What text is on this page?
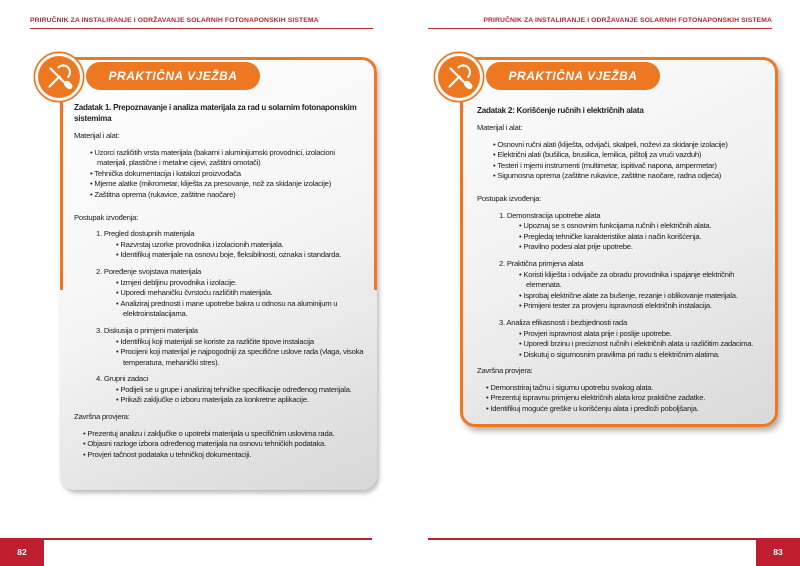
PRIRUČNIK ZA INSTALIRANJE I ODRŽAVANJE SOLARNIH FOTONAPONSKIH SISTEMA	PRIRUČNIK ZA INSTALIRANJE I ODRŽAVANJE SOLARNIH FOTONAPONSKIH SISTEMA
Zadatak 1. Prepoznavanje i analiza materijala za rad u solarnim fotonaponskim sistemima
Materijal i alat:
• Uzorci različitih vrsta materijala (bakarni i aluminijumski provodnici, izolacioni materijali, plastične i metalne cijevi, zaštitni omotači)
• Tehnička dokumentacija i katalozi proizvođača
• Mjerne alatke (mikrometar, kliješta za presovanje, nož za skidanje izolacije)
• Zaštitna oprema (rukavice, zaštitne naočare)
Postupak izvođenja:
1. Pregled dostupnih materijala
• Razvrstaj uzorke provodnika i izolacionih materijala.
• Identifikuj materijale na osnovu boje, fleksibilnosti, oznaka i standarda.
2. Poređenje svojstava materijala
• Izmjeri debljinu provodnika i izolacije.
• Uporedi mehaničku čvrstoću različitih materijala.
• Analiziraj prednosti i mane upotrebe bakra u odnosu na aluminijum u elektroinstalacijama.
3. Diskusija o primjeni materijala
• Identifikuj koji materijali se koriste za različite tipove instalacija
• Procijeni koji materijal je najpogodniji za specifične uslove rada (vlaga, visoka temperatura, mehanički stres).
4. Grupni zadaci
• Podijeli se u grupe i analiziraj tehničke specifikacije određenog materijala.
• Prikaži zaključke o izboru materijala za konkretne aplikacije.
Završna provjera:
• Prezentuj analizu i zaključke o upotrebi materijala u specifičnim uslovima rada.
• Objasni razloge izbora određenog materijala na osnovu tehničkih podataka.
• Provjeri tačnost podataka u tehničkoj dokumentaciji.
Zadatak 2: Korišćenje ručnih i električnih alata
Materijal i alat:
• Osnovni ručni alati (kliješta, odvijači, skalpeli, noževi za skidanje izolacije)
• Električni alati (bušilica, brusilica, lemilica, pištolj za vrući vazduh)
• Testeri i mjerni instrumenti (multimetar, ispitivač napona, ampermetar)
• Sigurnosna oprema (zaštitne rukavice, zaštitne naočare, radna odjeća)
Postupak izvođenja:
1. Demonstracija upotrebe alata
• Upoznaj se s osnovnim funkcijama ručnih i električnih alata.
• Pregledaj tehničke karakteristike alata i način korišćenja.
• Pravilno podesi alat prije upotrebe.
2. Praktična primjena alata
• Koristi kliješta i odvijače za obradu provodnika i spajanje električnih elemenata.
• Isprobaj električne alate za bušenje, rezanje i oblikovanje materijala.
• Primijeni tester za provjeru ispravnosti električnih instalacija.
3. Analiza efikasnosti i bezbjednosti rada
• Provjeri ispravnost alata prije i poslije upotrebe.
• Uporedi brzinu i preciznost ručnih i električnih alata u različitim zadacima.
• Diskutuj o sigurnosnim pravilima pri radu s električnim alatima.
Završna provjera:
• Demonstriraj tačnu i sigurnu upotrebu svakog alata.
• Prezentuj ispravnu primjenu električnih alata kroz praktične zadatke.
• Identifikuj moguće greške u korišćenju alata i predloži poboljšanja.
PRAKTIČNA VJEŽBA	PRAKTIČNA VJEŽBA
82	83
